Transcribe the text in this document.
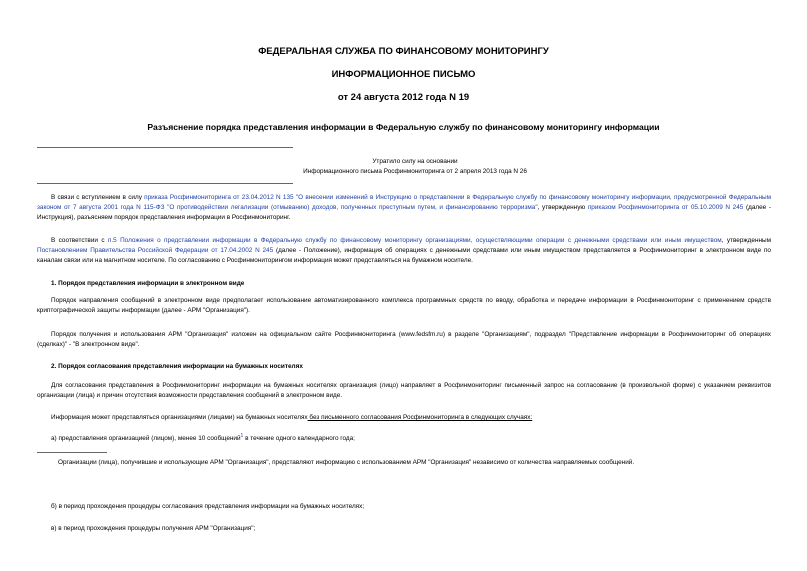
ФЕДЕРАЛЬНАЯ СЛУЖБА ПО ФИНАНСОВОМУ МОНИТОРИНГУ
ИНФОРМАЦИОННОЕ ПИСЬМО
от 24 августа 2012 года N 19
Разъяснение порядка представления информации в Федеральную службу по финансовому мониторингу информации
Утратило силу на основании
Информационного письма Росфинмониторинга от 2 апреля 2013 года N 26
В связи с вступлением в силу приказа Росфинмониторинга от 23.04.2012 N 135 "О внесении изменений в Инструкцию о представлении в Федеральную службу по финансовому мониторингу информации, предусмотренной Федеральным законом от 7 августа 2001 года N 115-ФЗ "О противодействии легализации (отмыванию) доходов, полученных преступным путем, и финансированию терроризма", утвержденную приказом Росфинмониторинга от 05.10.2009 N 245 (далее - Инструкция), разъясняем порядок представления информации в Росфинмониторинг.
В соответствии с п.5 Положения о представлении информации в Федеральную службу по финансовому мониторингу организациями, осуществляющими операции с денежными средствами или иным имуществом, утвержденным Постановлением Правительства Российской Федерации от 17.04.2002 N 245 (далее - Положение), информация об операциях с денежными средствами или иным имуществом представляется в Росфинмониторинг в электронном виде по каналам связи или на магнитном носителе. По согласованию с Росфинмониторингом информация может представляться на бумажном носителе.
1. Порядок представления информации в электронном виде
Порядок направления сообщений в электронном виде предполагает использование автоматизированного комплекса программных средств по вводу, обработка и передаче информации в Росфинмониторинг с применением средств криптографической защиты информации (далее - АРМ "Организация").
Порядок получения и использования АРМ "Организация" изложен на официальном сайте Росфинмониторинга (www.fedsfm.ru) в разделе "Организациям", подраздел "Представление информации в Росфинмониторинг об операциях (сделках)" - "В электронном виде".
2. Порядок согласования представления информации на бумажных носителях
Для согласования представления в Росфинмониторинг информации на бумажных носителях организация (лицо) направляет в Росфинмониторинг письменный запрос на согласование (в произвольной форме) с указанием реквизитов организации (лица) и причин отсутствия возможности представления сообщений в электронном виде.
Информация может представляться организациями (лицами) на бумажных носителях без письменного согласования Росфинмониторинга в следующих случаях:
а) предоставления организацией (лицом), менее 10 сообщений$^1$ в течение одного календарного года;
Организации (лица), получившие и использующие АРМ "Организация", представляют информацию с использованием АРМ "Организация" независимо от количества направляемых сообщений.
б) в период прохождения процедуры согласования представления информации на бумажных носителях;
в) в период прохождения процедуры получения АРМ "Организация";
